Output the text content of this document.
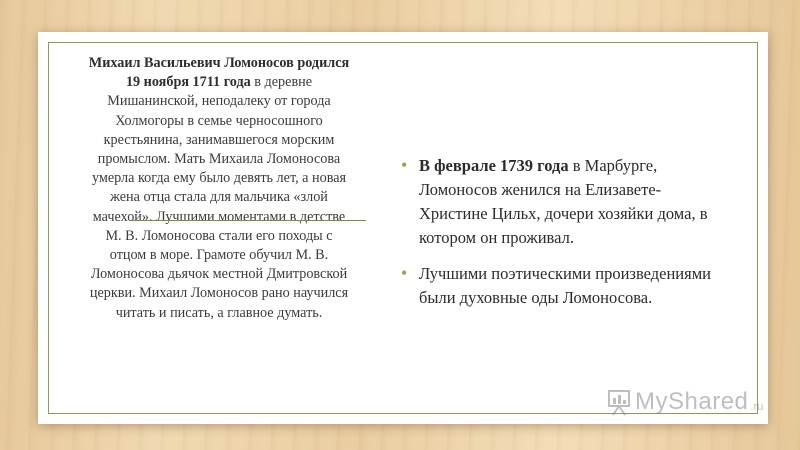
Михаил Васильевич Ломоносов родился 19 ноября 1711 года в деревне Мишанинской, неподалеку от города Холмогоры в семье черносошного крестьянина, занимавшегося морским промыслом. Мать Михаила Ломоносова умерла когда ему было девять лет, а новая жена отца стала для мальчика «злой мачехой». Лучшими моментами в детстве М. В. Ломоносова стали его походы с отцом в море. Грамоте обучил М. В. Ломоносова дьячок местной Дмитровской церкви. Михаил Ломоносов рано научился читать и писать, а главное думать.
• В феврале 1739 года в Марбурге, Ломоносов женился на Елизавете-Христине Цильх, дочери хозяйки дома, в котором он проживал.
• Лучшими поэтическими произведениями были духовные оды Ломоносова.
MyShared .ru
